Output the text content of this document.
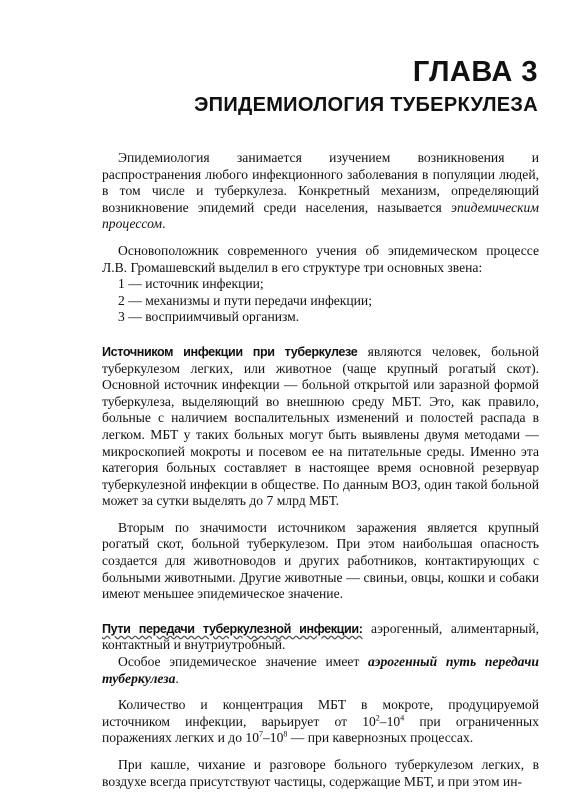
ГЛАВА 3
ЭПИДЕМИОЛОГИЯ ТУБЕРКУЛЕЗА

Эпидемиология занимается изучением возникновения и распространения любого инфекционного заболевания в популяции людей, в том числе и туберкулеза. Конкретный механизм, определяющий возникновение эпидемий среди населения, называется эпидемическим процессом.

Основоположник современного учения об эпидемическом процессе Л.В. Громашевский выделил в его структуре три основных звена:

1 — источник инфекции;

2 — механизмы и пути передачи инфекции;

3 — восприимчивый организм.

Источником инфекции при туберкулезе являются человек, больной туберкулезом легких, или животное (чаще крупный рогатый скот). Основной источник инфекции — больной открытой или заразной формой туберкулеза, выделяющий во внешнюю среду МБТ. Это, как правило, больные с наличием воспалительных изменений и полостей распада в легком. МБТ у таких больных могут быть выявлены двумя методами — микроскопией мокроты и посевом ее на питательные среды. Именно эта категория больных составляет в настоящее время основной резервуар туберкулезной инфекции в обществе. По данным ВОЗ, один такой больной может за сутки выделять до 7 млрд МБТ.

Вторым по значимости источником заражения является крупный рогатый скот, больной туберкулезом. При этом наибольшая опасность создается для животноводов и других работников, контактирующих с больными животными. Другие животные — свиньи, овцы, кошки и собаки имеют меньшее эпидемическое значение.

Пути передачи туберкулезной инфекции: аэрогенный, алиментарный, контактный и внутриутробный.

Особое эпидемическое значение имеет аэрогенный путь передачи туберкулеза.

Количество и концентрация МБТ в мокроте, продуцируемой источником инфекции, варьирует от $10^2-10^4$ при ограниченных поражениях легких и до $10^7-10^8$ — при кавернозных процессах.

При кашле, чихание и разговоре больного туберкулезом легких, в воздухе всегда присутствуют частицы, содержащие МБТ, и при этом ин-
